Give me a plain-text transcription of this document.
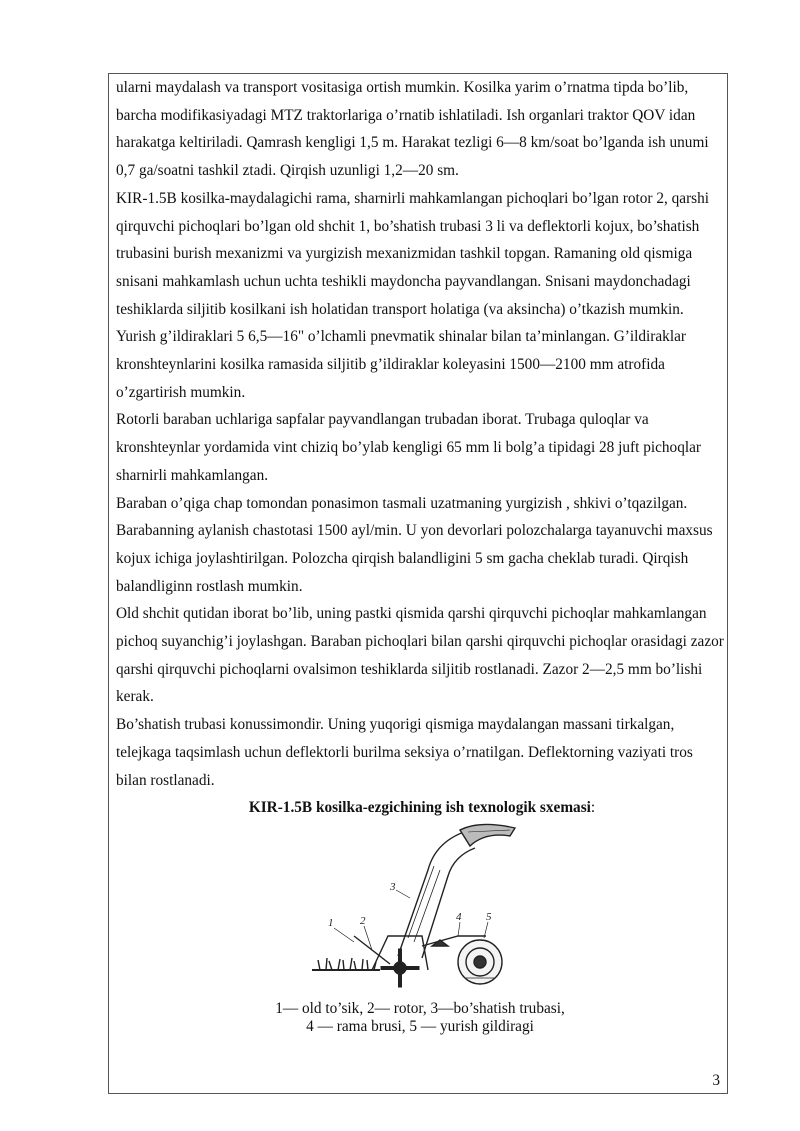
ularni maydalash va transport vositasiga ortish mumkin. Kosilka yarim o’rnatma tipda bo’lib, barcha modifikasiyadagi MTZ traktorlariga o’rnatib ishlatiladi. Ish organlari traktor QOV idan harakatga keltiriladi. Qamrash kengligi 1,5 m. Harakat tezligi 6—8 km/soat bo’lganda ish unumi 0,7 ga/soatni tashkil ztadi. Qirqish uzunligi 1,2—20 sm.

KIR-1.5B kosilka-maydalagichi rama, sharnirli mahkamlangan pichoqlari bo’lgan rotor 2, qarshi qirquvchi pichoqlari bo’lgan old shchit 1, bo’shatish trubasi 3 li va deflektorli kojux, bo’shatish trubasini burish mexanizmi va yurgizish mexanizmidan tashkil topgan. Ramaning old qismiga snisani mahkamlash uchun uchta teshikli maydoncha payvandlangan. Snisani maydonchadagi teshiklarda siljitib kosilkani ish holatidan transport holatiga (va aksincha) o’tkazish mumkin. Yurish g’ildiraklari 5 6,5—16" o’lchamli pnevmatik shinalar bilan ta’minlangan. G’ildiraklar kronshteynlarini kosilka ramasida siljitib g’ildiraklar koleyasini 1500—2100 mm atrofida o’zgartirish mumkin.

Rotorli baraban uchlariga sapfalar payvandlangan trubadan iborat. Trubaga quloqlar va kronshteynlar yordamida vint chiziq bo’ylab kengligi 65 mm li bolg’a tipidagi 28 juft pichoqlar sharnirli mahkamlangan.

Baraban o’qiga chap tomondan ponasimon tasmali uzatmaning yurgizish , shkivi o’tqazilgan. Barabanning aylanish chastotasi 1500 ayl/min. U yon devorlari polozchalarga tayanuvchi maxsus kojux ichiga joylashtirilgan. Polozcha qirqish balandligini 5 sm gacha cheklab turadi. Qirqish balandliginn rostlash mumkin.

Old shchit qutidan iborat bo’lib, uning pastki qismida qarshi qirquvchi pichoqlar mahkamlangan pichoq suyanchig’i joylashgan. Baraban pichoqlari bilan qarshi qirquvchi pichoqlar orasidagi zazor qarshi qirquvchi pichoqlarni ovalsimon teshiklarda siljitib rostlanadi. Zazor 2—2,5 mm bo’lishi kerak.

Bo’shatish trubasi konussimondir. Uning yuqorigi qismiga maydalangan massani tirkalgan, telejkaga taqsimlash uchun deflektorli burilma seksiya o’rnatilgan. Deflektorning vaziyati tros bilan rostlanadi.

KIR-1.5B kosilka-ezgichining ish texnologik sxemasi:

1 2
3
4 5
1— old to’sik, 2— rotor, 3—bo’shatish trubasi,
4 — rama brusi, 5 — yurish gildiragi
3
